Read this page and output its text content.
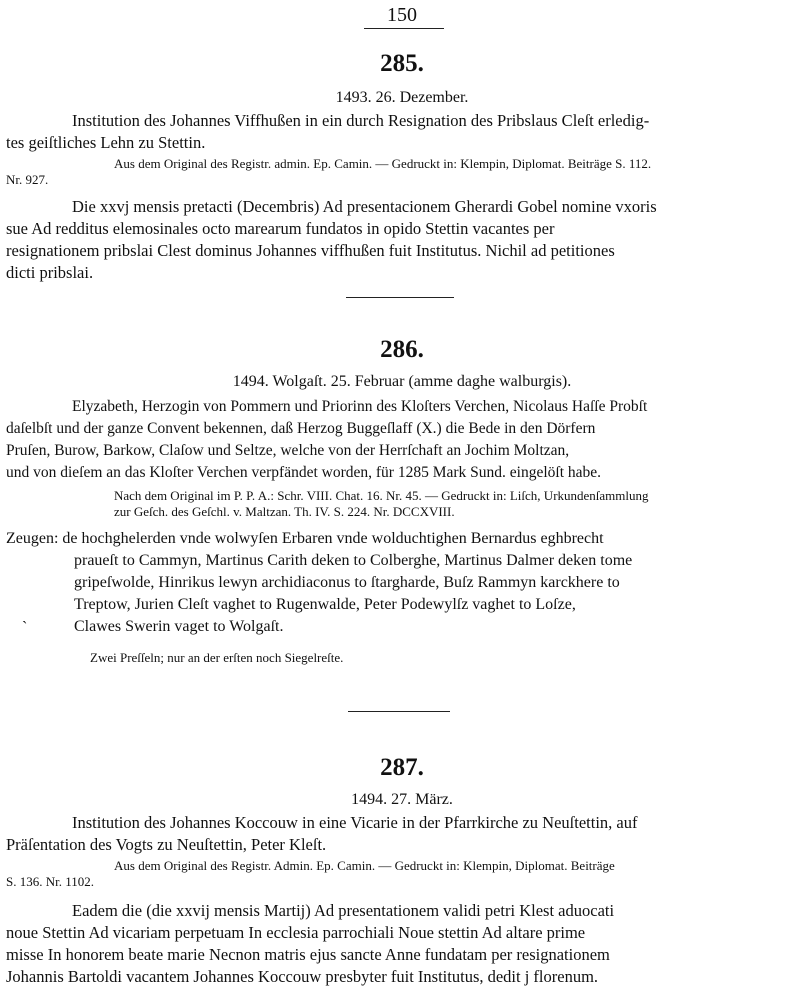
150
285.
1493. 26. Dezember.
Institution des Johannes Viffhußen in ein durch Resignation des Pribslaus Cleſt erledig-
tes geiſtliches Lehn zu Stettin.
Aus dem Original des Registr. admin. Ep. Camin. — Gedruckt in: Klempin, Diplomat. Beiträge S. 112.
Nr. 927.
Die xxvj mensis pretacti (Decembris) Ad presentacionem Gherardi Gobel nomine vxoris
sue Ad redditus elemosinales octo marearum fundatos in opido Stettin vacantes per
resignationem pribslai Clest dominus Johannes viffhußen fuit Institutus. Nichil ad petitiones
dicti pribslai.
286.
1494. Wolgaſt. 25. Februar (amme daghe walburgis).
Elyzabeth, Herzogin von Pommern und Priorinn des Kloſters Verchen, Nicolaus Haſſe Probſt
daſelbſt und der ganze Convent bekennen, daß Herzog Buggeſlaff (X.) die Bede in den Dörfern
Pruſen, Burow, Barkow, Claſow und Seltze, welche von der Herrſchaft an Jochim Moltzan,
und von dieſem an das Kloſter Verchen verpfändet worden, für 1285 Mark Sund. eingelöſt habe.
Nach dem Original im P. P. A.: Schr. VIII. Chat. 16. Nr. 45. — Gedruckt in: Liſch, Urkundenſammlung
zur Geſch. des Geſchl. v. Maltzan. Th. IV. S. 224. Nr. DCCXVIII.
Zeugen: de hochghelerden vnde wolwyſen Erbaren vnde wolduchtighen Bernardus eghbrecht
praueſt to Cammyn, Martinus Carith deken to Colberghe, Martinus Dalmer deken tome
gripeſwolde, Hinrikus lewyn archidiaconus to ſtarghardе, Buſz Rammyn karckhere to
Treptow, Jurien Cleſt vaghet to Rugenwalde, Peter Podewylſz vaghet to Loſze,
Clawes Swerin vaget to Wolgaſt.
`
Zwei Preſſeln; nur an der erſten noch Siegelreſte.
287.
1494. 27. März.
Institution des Johannes Koccouw in eine Vicarie in der Pfarrkirche zu Neuſtettin, auf
Präſentation des Vogts zu Neuſtettin, Peter Kleſt.
Aus dem Original des Registr. Admin. Ep. Camin. — Gedruckt in: Klempin, Diplomat. Beiträge
S. 136. Nr. 1102.
Eadem die (die xxvij mensis Martij) Ad presentationem validi petri Klest aduocati
noue Stettin Ad vicariam perpetuam In ecclesia parrochiali Noue stettin Ad altare prime
misse In honorem beate marie Necnon matris ejus sancte Anne fundatam per resignationem
Johannis Bartoldi vacantem Johannes Koccouw presbyter fuit Institutus, dedit j florenum.
